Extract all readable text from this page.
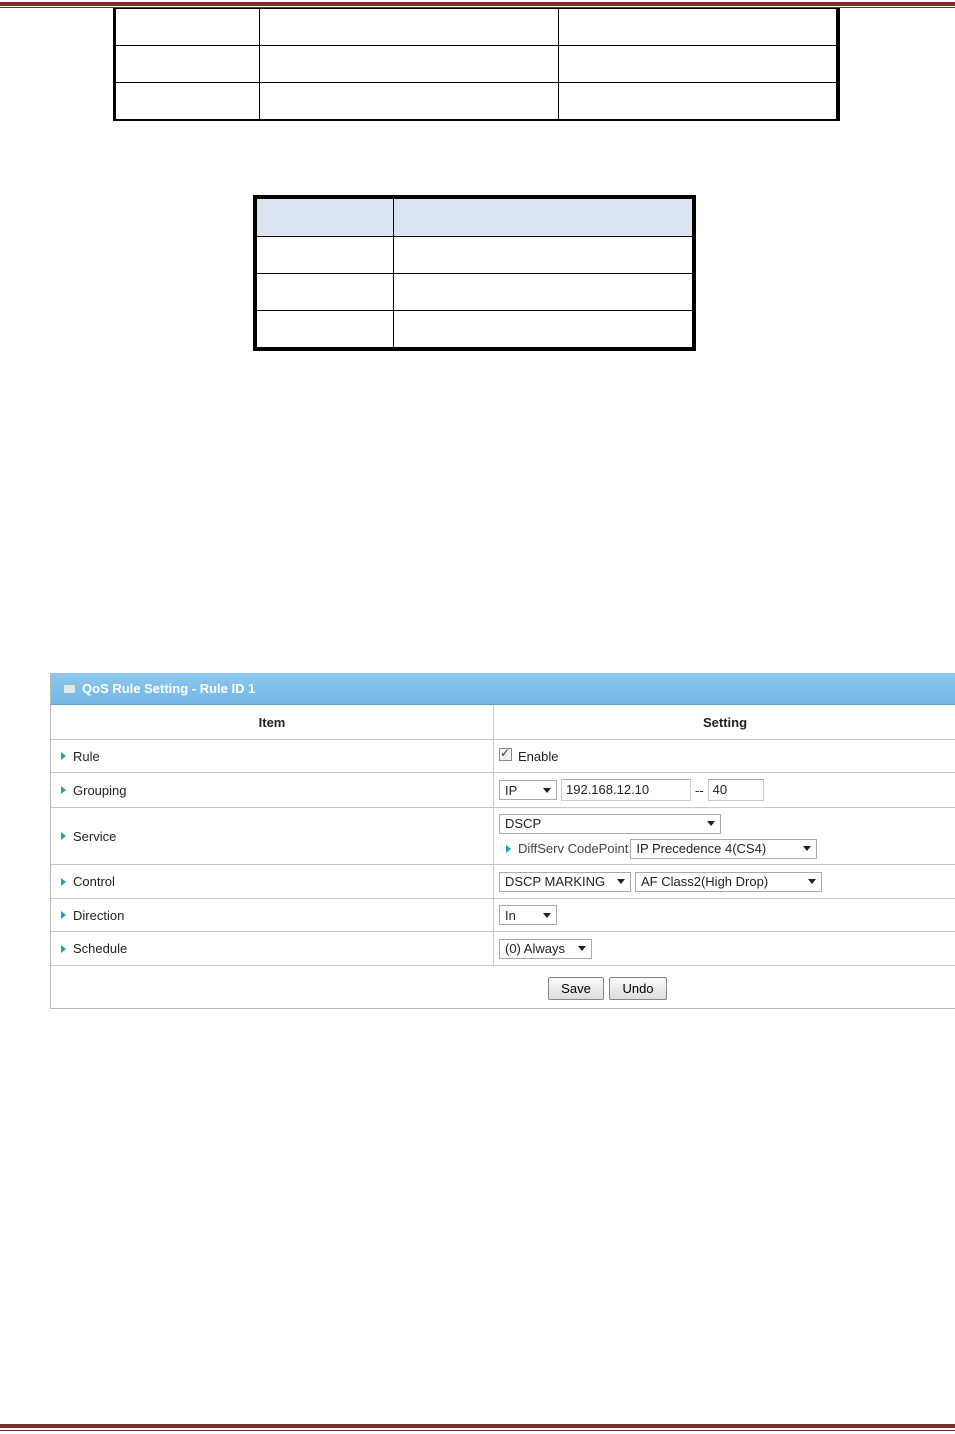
QoS Rule Setting - Rule ID 1
Item	Setting
Rule
✓	Enable
Grouping	IP	192.168.12.10	-- 40
Service
DSCP
DiffServ CodePoint IP Precedence 4(CS4)
Control	DSCP MARKING	AF Class2(High Drop)
Direction	In
Schedule	(0) Always
Save	Undo
